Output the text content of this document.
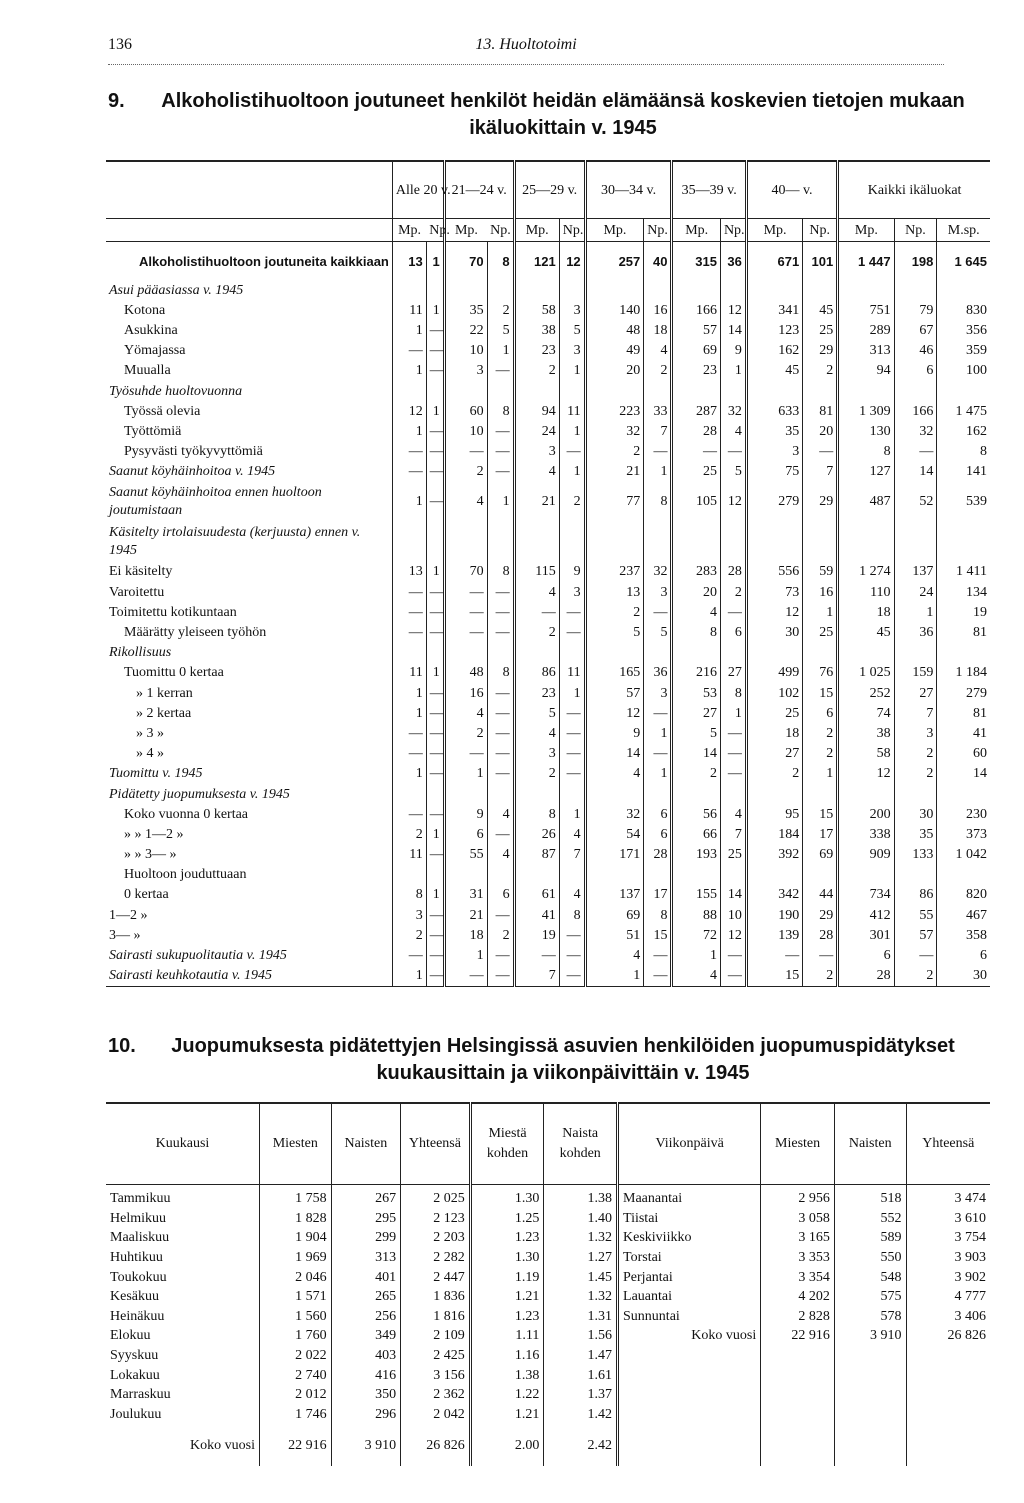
136	13. Huoltotoimi
9.	Alkoholistihuoltoon joutuneet henkilöt heidän elämäänsä koskevien tietojen mukaan
ikäluokittain v. 1945
	Alle 20 v.		21—24 v.		25—29 v.		30—34 v.		35—39 v.		40— v.		Kaikki ikäluokat		
	Mp.	Np.	Mp.	Np.	Mp.	Np.	Mp.	Np.	Mp.	Np.	Mp.	Np.	Mp.	Np.	M.sp.
Alkoholistihuoltoon joutuneita kaikkiaan	13	1	70	8	121	12	257	40	315	36	671	101	1 447	198	1 645
Asui pääasiassa v. 1945															
Kotona	11	1	35	2	58	3	140	16	166	12	341	45	751	79	830
Asukkina	1	—	22	5	38	5	48	18	57	14	123	25	289	67	356
Yömajassa	—	—	10	1	23	3	49	4	69	9	162	29	313	46	359
Muualla	1	—	3	—	2	1	20	2	23	1	45	2	94	6	100
Työsuhde huoltovuonna															
Työssä olevia	12	1	60	8	94	11	223	33	287	32	633	81	1 309	166	1 475
Työttömiä	1	—	10	—	24	1	32	7	28	4	35	20	130	32	162
Pysyvästi työkyvyttömiä	—	—	—	—	3	—	2	—	—	—	3	—	8	—	8
Saanut köyhäinhoitoa v. 1945	—	—	2	—	4	1	21	1	25	5	75	7	127	14	141
Saanut köyhäinhoitoa ennen huoltoon joutumistaan	1	—	4	1	21	2	77	8	105	12	279	29	487	52	539
Käsitelty irtolaisuudesta (kerjuusta) ennen v. 1945															
Ei käsitelty	13	1	70	8	115	9	237	32	283	28	556	59	1 274	137	1 411
Varoitettu	—	—	—	—	4	3	13	3	20	2	73	16	110	24	134
Toimitettu kotikuntaan	—	—	—	—	—	—	2	—	4	—	12	1	18	1	19
Määrätty yleiseen työhön	—	—	—	—	2	—	5	5	8	6	30	25	45	36	81
Rikollisuus															
Tuomittu 0 kertaa	11	1	48	8	86	11	165	36	216	27	499	76	1 025	159	1 184
» 1 kerran	1	—	16	—	23	1	57	3	53	8	102	15	252	27	279
» 2 kertaa	1	—	4	—	5	—	12	—	27	1	25	6	74	7	81
» 3 »	—	—	2	—	4	—	9	1	5	—	18	2	38	3	41
» 4 »	—	—	—	—	3	—	14	—	14	—	27	2	58	2	60
Tuomittu v. 1945	1	—	1	—	2	—	4	1	2	—	2	1	12	2	14
Pidätetty juopumuksesta v. 1945															
Koko vuonna 0 kertaa	—	—	9	4	8	1	32	6	56	4	95	15	200	30	230
» » 1—2 »	2	1	6	—	26	4	54	6	66	7	184	17	338	35	373
» » 3— »	11	—	55	4	87	7	171	28	193	25	392	69	909	133	1 042
Huoltoon jouduttuaan															
0 kertaa	8	1	31	6	61	4	137	17	155	14	342	44	734	86	820
1—2 »	3	—	21	—	41	8	69	8	88	10	190	29	412	55	467
3— »	2	—	18	2	19	—	51	15	72	12	139	28	301	57	358
Sairasti sukupuolitautia v. 1945	—	—	1	—	—	—	4	—	1	—	—	—	6	—	6
Sairasti keuhkotautia v. 1945	1	—	—	—	7	—	1	—	4	—	15	2	28	2	30
10.	Juopumuksesta pidätettyjen Helsingissä asuvien henkilöiden juopumuspidätykset
kuukausittain ja viikonpäivittäin v. 1945
Kuukausi	Miesten	Naisten	Yhteensä	Miestä kohden	Naista kohden	Viikonpäivä	Miesten	Naisten	Yhteensä
Tammikuu	1 758	267	2 025	1.30	1.38	Maanantai	2 956	518	3 474
Helmikuu	1 828	295	2 123	1.25	1.40	Tiistai	3 058	552	3 610
Maaliskuu	1 904	299	2 203	1.23	1.32	Keskiviikko	3 165	589	3 754
Huhtikuu	1 969	313	2 282	1.30	1.27	Torstai	3 353	550	3 903
Toukokuu	2 046	401	2 447	1.19	1.45	Perjantai	3 354	548	3 902
Kesäkuu	1 571	265	1 836	1.21	1.32	Lauantai	4 202	575	4 777
Heinäkuu	1 560	256	1 816	1.23	1.31	Sunnuntai	2 828	578	3 406
Elokuu	1 760	349	2 109	1.11	1.56	Koko vuosi	22 916	3 910	26 826
Syyskuu	2 022	403	2 425	1.16	1.47				
Lokakuu	2 740	416	3 156	1.38	1.61				
Marraskuu	2 012	350	2 362	1.22	1.37				
Joulukuu	1 746	296	2 042	1.21	1.42				
Koko vuosi	22 916	3 910	26 826	2.00	2.42				
